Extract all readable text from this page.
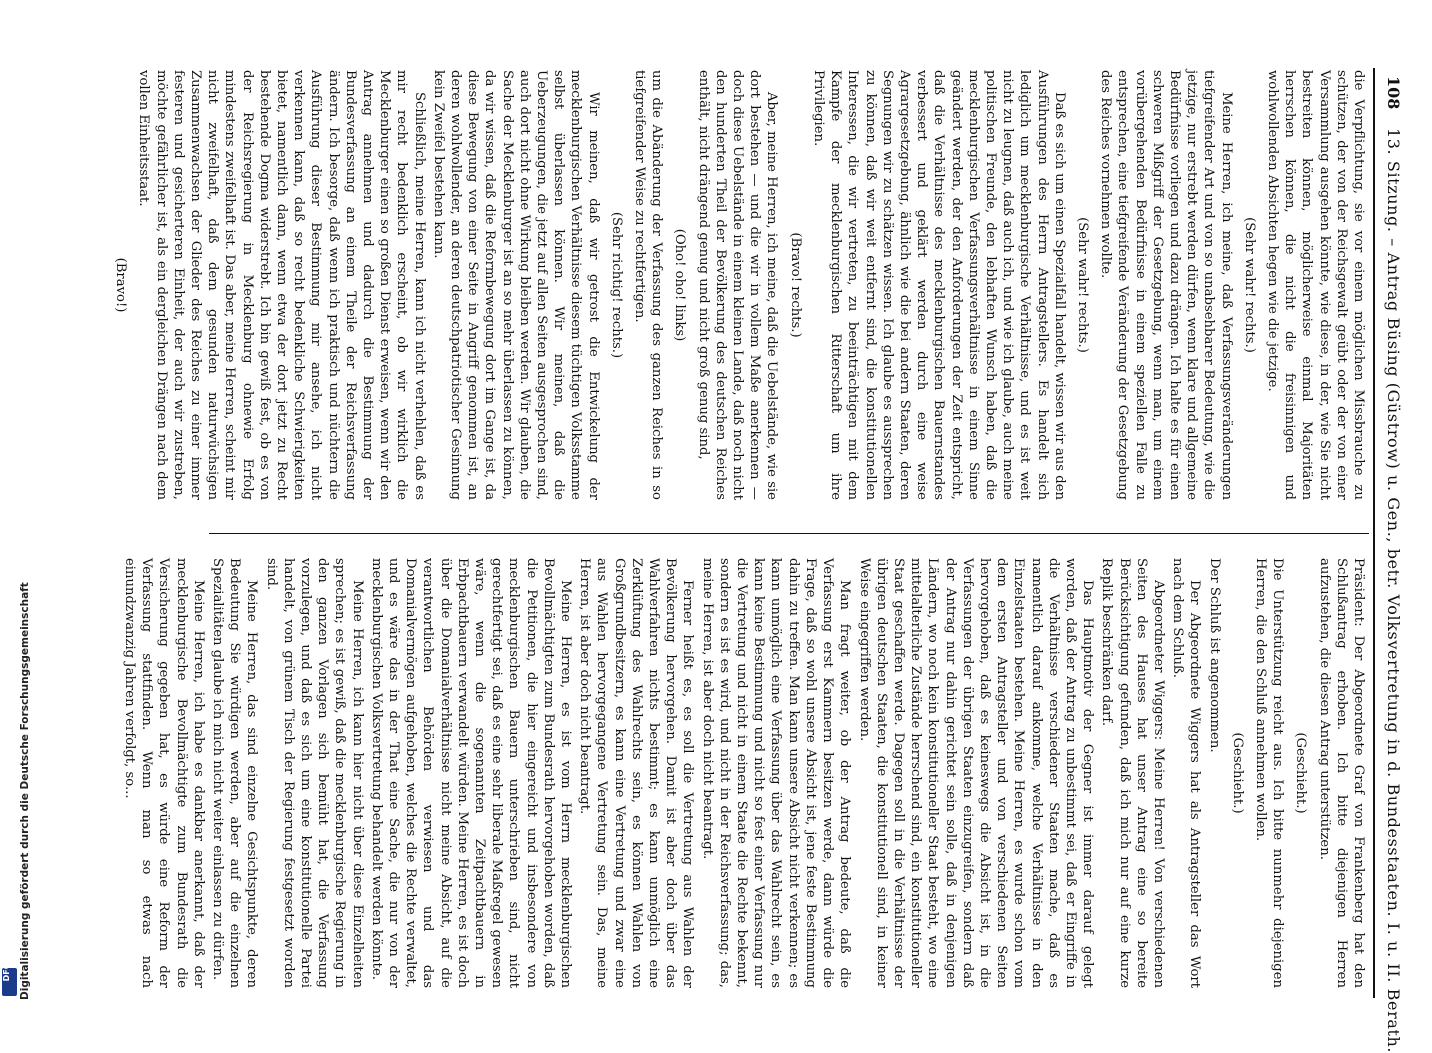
108
13. Sitzung. – Antrag Büsing (Güstrow) u. Gen., betr. Volksvertretung in d. Bundesstaaten. I. u. II. Berath.

die Verpflichtung, sie vor einem möglichen Missbrauche zu schützen, der von der Reichsgewalt geübt oder der von einer Versammlung ausgehen könnte, wie diese, in der, wie Sie nicht bestreiten können, möglicherweise einmal Majoritäten herrschen können, die nicht die freisinnigen und wohlwollenden Absichten hegen wie die jetzige.

(Sehr wahr! rechts.)

Meine Herren, ich meine, daß Verfassungsveränderungen tiefgreifender Art und von so unabsehbarer Bedeutung, wie die jetzige, nur erstrebt werden dürfen, wenn klare und allgemeine Bedürfnisse vorliegen und dazu drängen. Ich halte es für einen schweren Mißgriff der Gesetzgebung, wenn man, um einem vorübergehenden Bedürfnisse in einem speziellen Falle zu entsprechen, eine tiefgreifende Veränderung der Gesetzgebung des Reiches vornehmen wollte.

(Sehr wahr! rechts.)

Daß es sich um einen Spezialfall handelt, wissen wir aus den Ausführungen des Herrn Antragstellers. Es handelt sich lediglich um mecklenburgische Verhältnisse, und es ist weit nicht zu leugnen, daß auch ich, und wie ich glaube, auch meine politischen Freunde, den lebhaften Wunsch haben, daß die mecklenburgischen Verfassungsverhältnisse in einem Sinne geändert werden, der den Anforderungen der Zeit entspricht, daß die Verhältnisse des mecklenburgischen Bauernstandes verbessert und geklärt werden durch eine weise Agrargesetzgebung, ähnlich wie die bei andern Staaten, deren Segnungen wir zu schätzen wissen. Ich glaube es aussprechen zu können, daß wir weit entfernt sind, die konstitutionellen Interessen, die wir vertreten, zu beeinträchtigen mit dem Kampfe der mecklenburgischen Ritterschaft um ihre Privilegien.

(Bravo! rechts.)

Aber, meine Herren, ich meine, daß die Uebelstände, wie sie dort bestehen — und die wir in vollem Maße anerkennen — doch diese Uebelstände in einem kleinen Lande, daß noch nicht den hunderten Theil der Bevölkerung des deutschen Reiches enthält, nicht drängend genug und nicht groß genug sind,

(Oho! oho! links)

um die Abänderung der Verfassung des ganzen Reiches in so tiefgreifender Weise zu rechtfertigen.

(Sehr richtig! rechts.)

Wir meinen, daß wir getrost die Entwickelung der mecklenburgischen Verhältnisse diesem tüchtigen Volksstamme selbst überlassen können. Wir meinen, daß die Ueberzeugungen, die jetzt auf allen Seiten ausgesprochen sind, auch dort nicht ohne Wirkung bleiben werden. Wir glauben, die Sache der Mecklenburger ist an so mehr überlassen zu können, da wir wissen, daß die Reformbewegung dort im Gange ist, da diese Bewegung von einer Seite in Angriff genommen ist, an deren wohlwollender, an deren deutschpatriotischer Gesinnung kein Zweifel bestehen kann.

Schließlich, meine Herren, kann ich nicht verhehlen, daß es mir recht bedenklich erscheint, ob wir wirklich die Mecklenburger einen so großen Dienst erweisen, wenn wir den Antrag annehmen und dadurch die Bestimmung der Bundesverfassung an einem Theile der Reichsverfassung ändern. Ich besorge, daß wenn ich praktisch und nüchtern die Ausführung dieser Bestimmung mir ansehe, ich nicht verkennen kann, daß so recht bedenkliche Schwierigkeiten bietet, namentlich dann, wenn etwa der dort jetzt zu Recht bestehende Dogma widerstrebt. Ich bin gewiß fest, ob es von der Reichsregierung in Mecklenburg ohnewie Erfolg mindestens zweifelhaft ist. Das aber, meine Herren, scheint mir nicht zweifelhaft, daß dem gesunden naturwüchsigen Zusammenwachsen der Glieder des Reiches zu einer immer festeren und gesicherteren Einheit, der auch wir zustreben, möchte gefährlicher ist, als ein dergleichen Drängen nach dem vollen Einheitsstaat.

(Bravo!)

Präsident: Der Abgeordnete Graf von Frankenberg hat den Schlußantrag erhoben. Ich bitte diejenigen Herren aufzustehen, die diesen Antrag unterstützen.

(Geschieht.)

Die Unterstützung reicht aus. Ich bitte nunmehr diejenigen Herren, die den Schluß annehmen wollen.

(Geschieht.)

Der Schluß ist angenommen.

Der Abgeordnete Wiggers hat als Antragsteller das Wort nach dem Schluß.

Abgeordneter Wiggers: Meine Herren! Von verschiedenen Seiten des Hauses hat unser Antrag eine so bereite Berücksichtigung gefunden, daß ich mich nur auf eine kurze Replik beschränken darf.

Das Hauptmotiv der Gegner ist immer darauf gelegt worden, daß der Antrag zu unbestimmt sei, daß er Eingriffe in die Verhältnisse verschiedener Staaten mache, daß es namentlich darauf ankomme, welche Verhältnisse in den Einzelstaaten bestehen. Meine Herren, es wurde schon vom dem ersten Antragsteller und von verschiedenen Seiten hervorgehoben, daß es keineswegs die Absicht ist, in die Verfassungen der übrigen Staaten einzugreifen, sondern daß der Antrag nur dahin gerichtet sein solle, daß in denjenigen Ländern, wo noch kein konstitutioneller Staat besteht, wo eine mittelalterliche Zustände herrschend sind, ein konstitutioneller Staat geschaffen werde. Dagegen soll in die Verhältnisse der übrigen deutschen Staaten, die konstitutionell sind, in keiner Weise eingegriffen werden.

Man fragt weiter, ob der Antrag bedeute, daß die Verfassung erst Kammern besitzen werde, dann würde die Frage, daß so wohl unsere Absicht ist, jene feste Bestimmung dahin zu treffen. Man kann unsere Absicht nicht verkennen; es kann unmöglich eine Verfassung über das Wahlrecht sein, es kann keine Bestimmung und nicht so fest einer Verfassung nur die Vertretung und nicht in einem Staate die Rechte bekennt, sondern es ist es wird, und nicht in der Reichsverfassung; das, meine Herren, ist aber doch nicht beantragt.

Ferner heißt es, es soll die Vertretung aus Wahlen der Bevölkerung hervorgehen. Damit ist aber doch über das Wahlverfahren nichts bestimmt; es kann unmöglich eine Zerklüftung des Wahlrechts sein, es können Wahlen von Großgrundbesitzern, es kann eine Vertretung und zwar eine aus Wahlen hervorgegangene Vertretung sein. Das, meine Herren, ist aber doch nicht beantragt.

Meine Herren, es ist vom Herrn mecklenburgischen Bevollmächtigten zum Bundesrath hervorgehoben worden, daß die Petitionen, die hier eingereicht und insbesondere von mecklenburgischen Bauern unterschrieben sind, nicht gerechtfertigt sei, daß es eine sehr liberale Maßregel gewesen wäre, wenn die sogenannten Zeitpachtbauern in Erbpachtbauern verwandelt würden. Meine Herren, es ist doch über die Domanialverhältnisse nicht meine Absicht, auf die verantwortlichen Behörden verwiesen und das Domanialvermögen aufgehoben, welches die Rechte verwaltet, und es wäre das in der That eine Sache, die nur von der mecklenburgischen Volksvertretung behandelt werden könnte.

Meine Herren, ich kann hier nicht über diese Einzelheiten sprechen; es ist gewiß, daß die mecklenburgische Regierung in den ganzen Vorlagen sich bemüht hat, die Verfassung vorzulegen, und daß es sich um eine konstitutionelle Partei handelt, von grünem Tisch der Regierung festgesetzt worden sind.

Meine Herren, das sind einzelne Gesichtspunkte, deren Bedeutung Sie würdigen werden, aber auf die einzelnen Spezialitäten glaube ich mich nicht weiter einlassen zu dürfen.

Meine Herren, ich habe es dankbar anerkannt, daß der mecklenburgische Bevollmächtigte zum Bundesrath die Versicherung gegeben hat, es würde eine Reform der Verfassung stattfinden. Wenn man so etwas nach einundzwanzig Jahren verfolgt, so...

Digitalisierung gefördert durch die Deutsche Forschungsgemeinschaft
DFG
